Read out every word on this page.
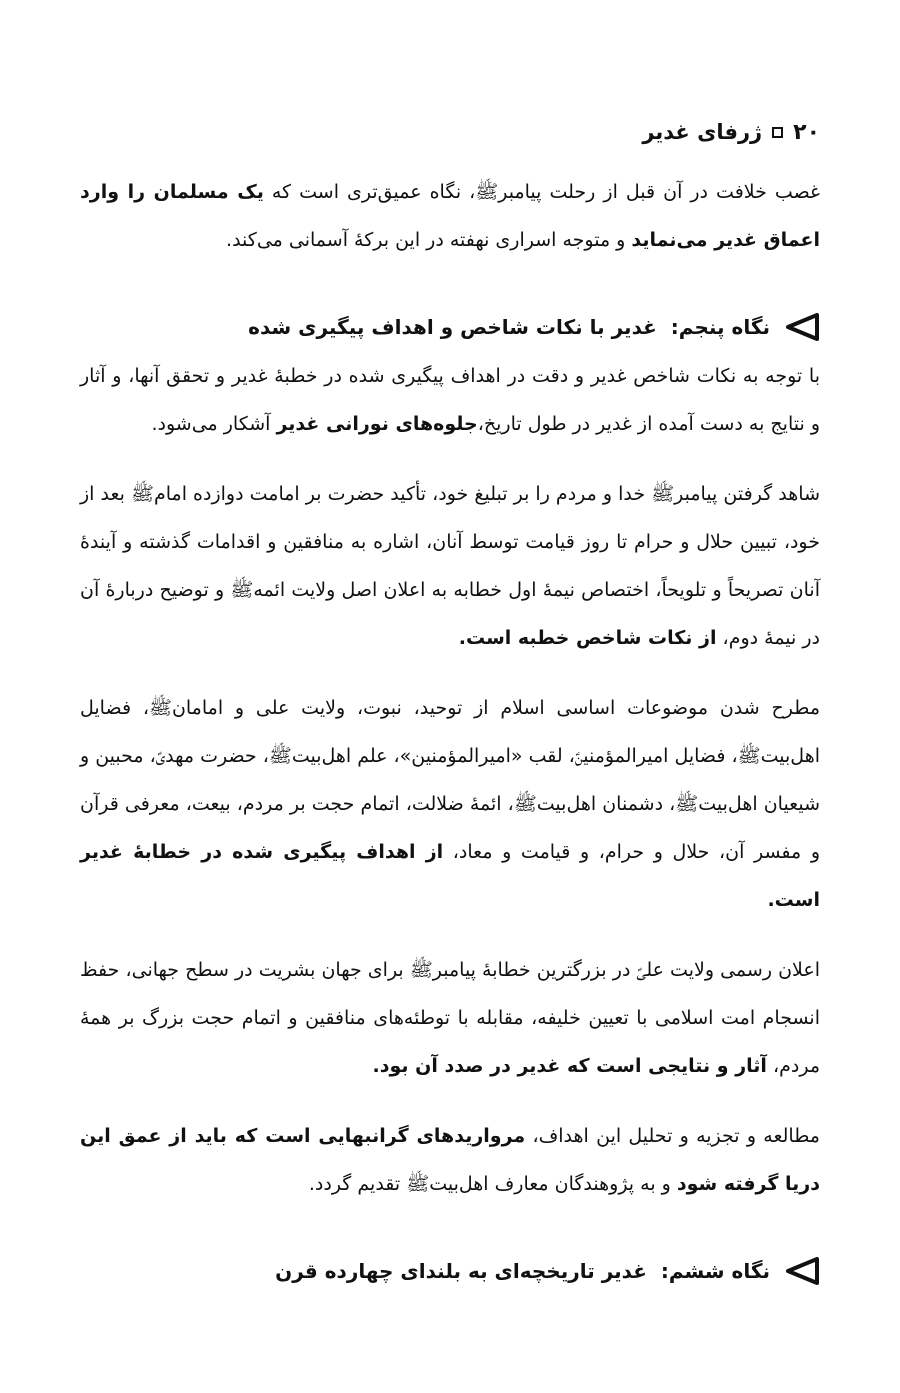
۲۰
ژرفای غدیر

غصب خلافت در آن قبل از رحلت پیامبرﷺ، نگاه عمیق‌تری است که یک مسلمان را وارد اعماق غدیر می‌نماید و متوجه اسراری نهفته در این برکهٔ آسمانی می‌کند.

نگاه پنجم:
غدیر با نکات شاخص و اهداف پیگیری شده

با توجه به نکات شاخص غدیر و دقت در اهداف پیگیری شده در خطبهٔ غدیر و تحقق آنها، و آثار و نتایج به دست آمده از غدیر در طول تاریخ،جلوه‌های نورانی غدیر آشکار می‌شود.

شاهد گرفتن پیامبرﷺ خدا و مردم را بر تبلیغ خود، تأکید حضرت بر امامت دوازده امامﷺ بعد از خود، تبیین حلال و حرام تا روز قیامت توسط آنان، اشاره به منافقین و اقدامات گذشته و آیندهٔ آنان تصریحاً و تلویحاً، اختصاص نیمهٔ اول خطابه به اعلان اصل ولایت ائمهﷺ و توضیح دربارهٔ آن در نیمهٔ دوم، از نکات شاخص خطبه است.

مطرح شدن موضوعات اساسی اسلام از توحید، نبوت، ولایت علی و امامانﷺ، فضایل اهل‌بیتﷺ، فضایل امیرالمؤمنین، لقب «امیرالمؤمنین»، علم اهل‌بیتﷺ، حضرت مهدی، محبین و شیعیان اهل‌بیتﷺ، دشمنان اهل‌بیتﷺ، ائمهٔ ضلالت، اتمام حجت بر مردم، بیعت، معرفی قرآن و مفسر آن، حلال و حرام، و قیامت و معاد، از اهداف پیگیری شده در خطابهٔ غدیر است.

اعلان رسمی ولایت علی در بزرگترین خطابهٔ پیامبرﷺ برای جهان بشریت در سطح جهانی، حفظ انسجام امت اسلامی با تعیین خلیفه، مقابله با توطئه‌های منافقین و اتمام حجت بزرگ بر همهٔ مردم، آثار و نتایجی است که غدیر در صدد آن بود.

مطالعه و تجزیه و تحلیل این اهداف، مرواریدهای گرانبهایی است که باید از عمق این دریا گرفته شود و به پژوهندگان معارف اهل‌بیتﷺ تقدیم گردد.

نگاه ششم:
غدیر تاریخچه‌ای به بلندای چهارده قرن
